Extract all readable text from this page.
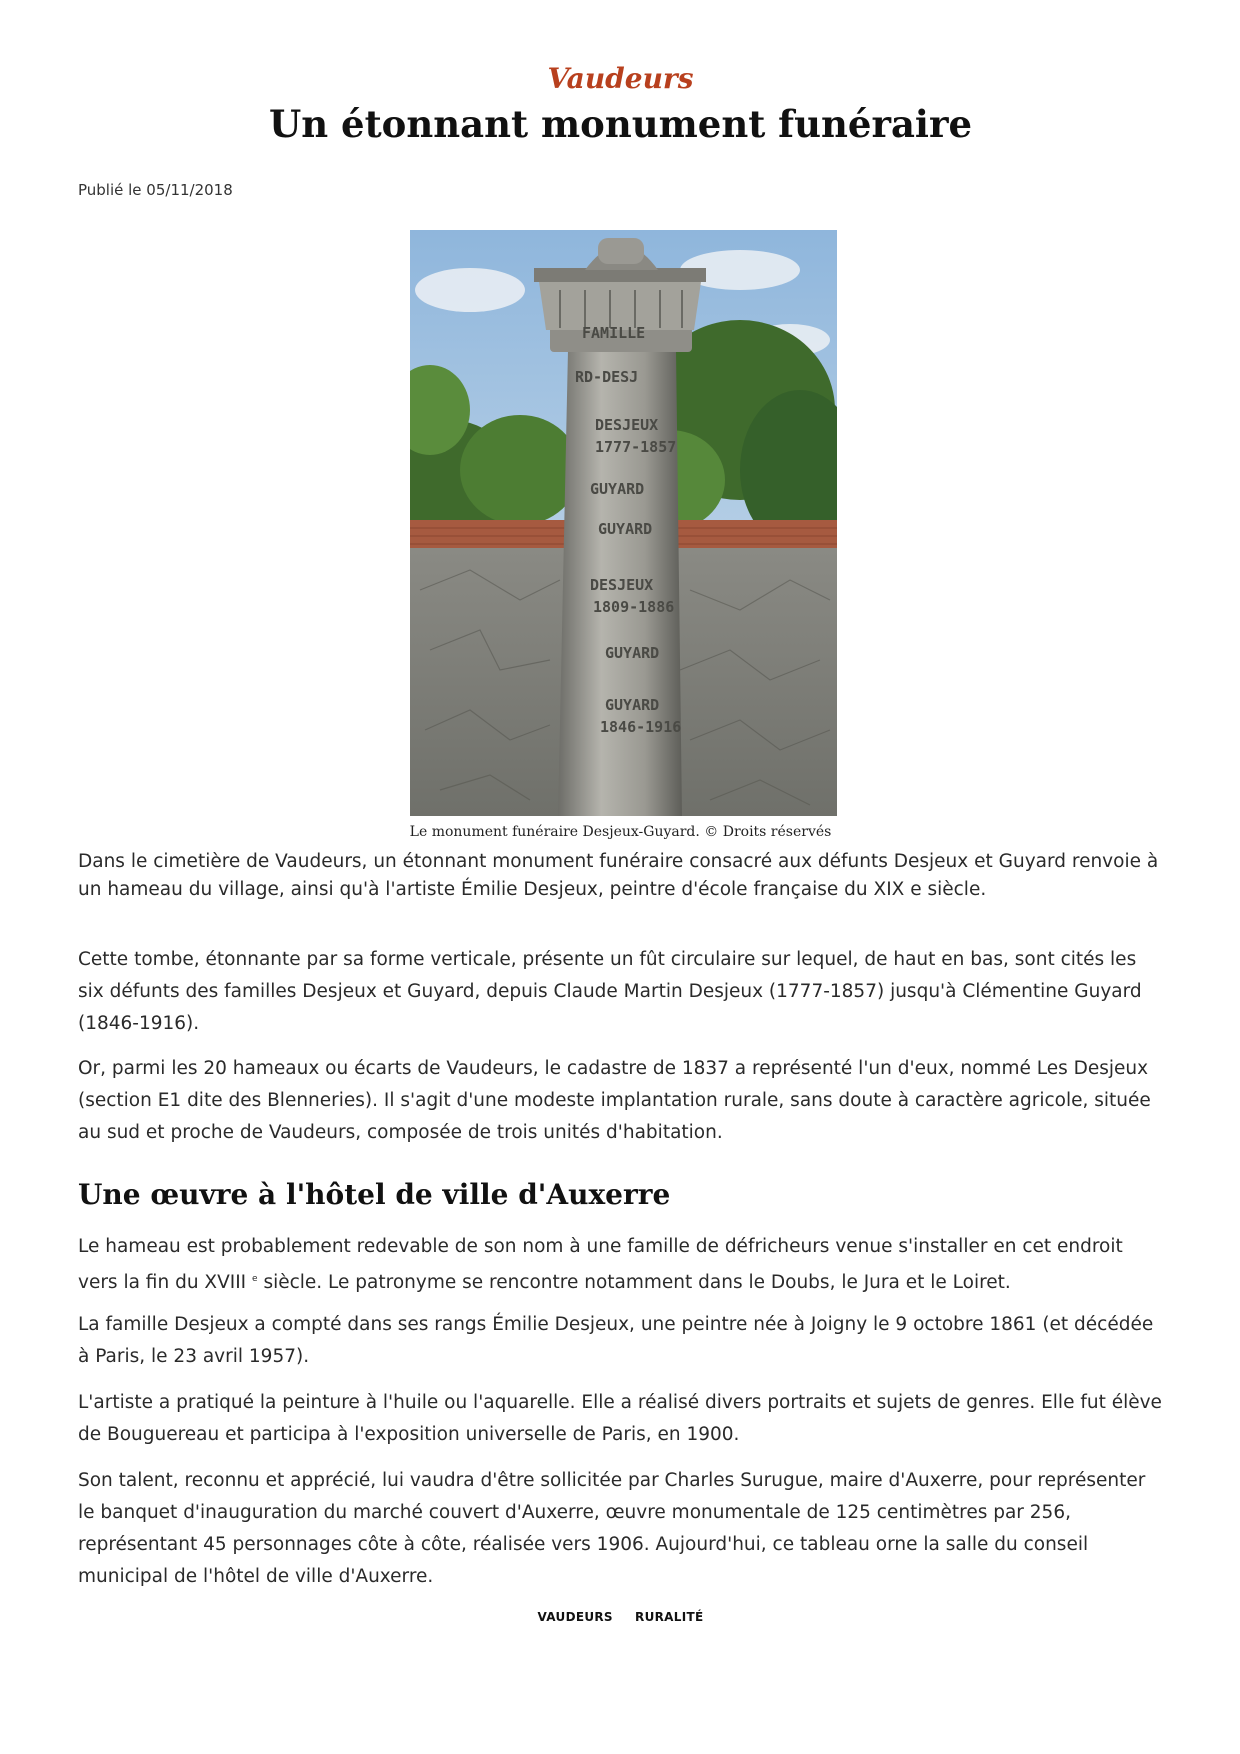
Vaudeurs
Un étonnant monument funéraire
Publié le 05/11/2018
FAMILLE
RD-DESJ
DESJEUX
1777-1857
GUYARD
GUYARD
DESJEUX
1809-1886
GUYARD
GUYARD
1846-1916
Le monument funéraire Desjeux-Guyard. © Droits réservés

Dans le cimetière de Vaudeurs, un étonnant monument funéraire consacré aux défunts Desjeux et Guyard renvoie à un hameau du village, ainsi qu'à l'artiste Émilie Desjeux, peintre d'école française du XIX e siècle.

Cette tombe, étonnante par sa forme verticale, présente un fût circulaire sur lequel, de haut en bas, sont cités les six défunts des familles Desjeux et Guyard, depuis Claude Martin Desjeux (1777-1857) jusqu'à Clémentine Guyard (1846-1916).

Or, parmi les 20 hameaux ou écarts de Vaudeurs, le cadastre de 1837 a représenté l'un d'eux, nommé Les Desjeux (section E1 dite des Blenneries). Il s'agit d'une modeste implantation rurale, sans doute à caractère agricole, située au sud et proche de Vaudeurs, composée de trois unités d'habitation.

Une œuvre à l'hôtel de ville d'Auxerre

Le hameau est probablement redevable de son nom à une famille de défricheurs venue s'installer en cet endroit vers la fin du XVIII $^e$ siècle. Le patronyme se rencontre notamment dans le Doubs, le Jura et le Loiret.

La famille Desjeux a compté dans ses rangs Émilie Desjeux, une peintre née à Joigny le 9 octobre 1861 (et décédée à Paris, le 23 avril 1957).

L'artiste a pratiqué la peinture à l'huile ou l'aquarelle. Elle a réalisé divers portraits et sujets de genres. Elle fut élève de Bouguereau et participa à l'exposition universelle de Paris, en 1900.

Son talent, reconnu et apprécié, lui vaudra d'être sollicitée par Charles Surugue, maire d'Auxerre, pour représenter le banquet d'inauguration du marché couvert d'Auxerre, œuvre monumentale de 125 centimètres par 256, représentant 45 personnages côte à côte, réalisée vers 1906. Aujourd'hui, ce tableau orne la salle du conseil municipal de l'hôtel de ville d'Auxerre.

VAUDEURS RURALITÉ
